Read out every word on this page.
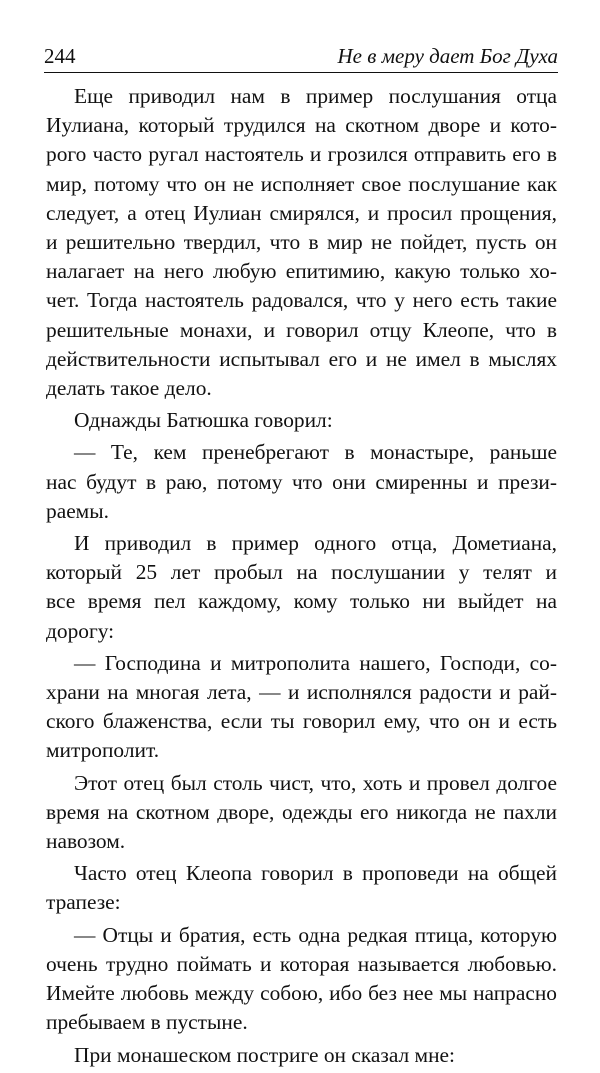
244	Не в меру дает Бог Духа
Еще приводил нам в пример послушания отца
Иулиана, который трудился на скотном дворе и кото-
рого часто ругал настоятель и грозился отправить его в
мир, потому что он не исполняет свое послушание как
следует, а отец Иулиан смирялся, и просил прощения,
и решительно твердил, что в мир не пойдет, пусть он
налагает на него любую епитимию, какую только хо-
чет. Тогда настоятель радовался, что у него есть такие
решительные монахи, и говорил отцу Клеопе, что в
действительности испытывал его и не имел в мыслях
делать такое дело.
Однажды Батюшка говорил:
— Те, кем пренебрегают в монастыре, раньше
нас будут в раю, потому что они смиренны и прези-
раемы.
И приводил в пример одного отца, Дометиана,
который 25 лет пробыл на послушании у телят и
все время пел каждому, кому только ни выйдет на
дорогу:
— Господина и митрополита нашего, Господи, со-
храни на многая лета, — и исполнялся радости и рай-
ского блаженства, если ты говорил ему, что он и есть
митрополит.
Этот отец был столь чист, что, хоть и провел долгое
время на скотном дворе, одежды его никогда не пахли
навозом.
Часто отец Клеопа говорил в проповеди на общей
трапезе:
— Отцы и братия, есть одна редкая птица, которую
очень трудно поймать и которая называется любовью.
Имейте любовь между собою, ибо без нее мы напрасно
пребываем в пустыне.
При монашеском постриге он сказал мне:
